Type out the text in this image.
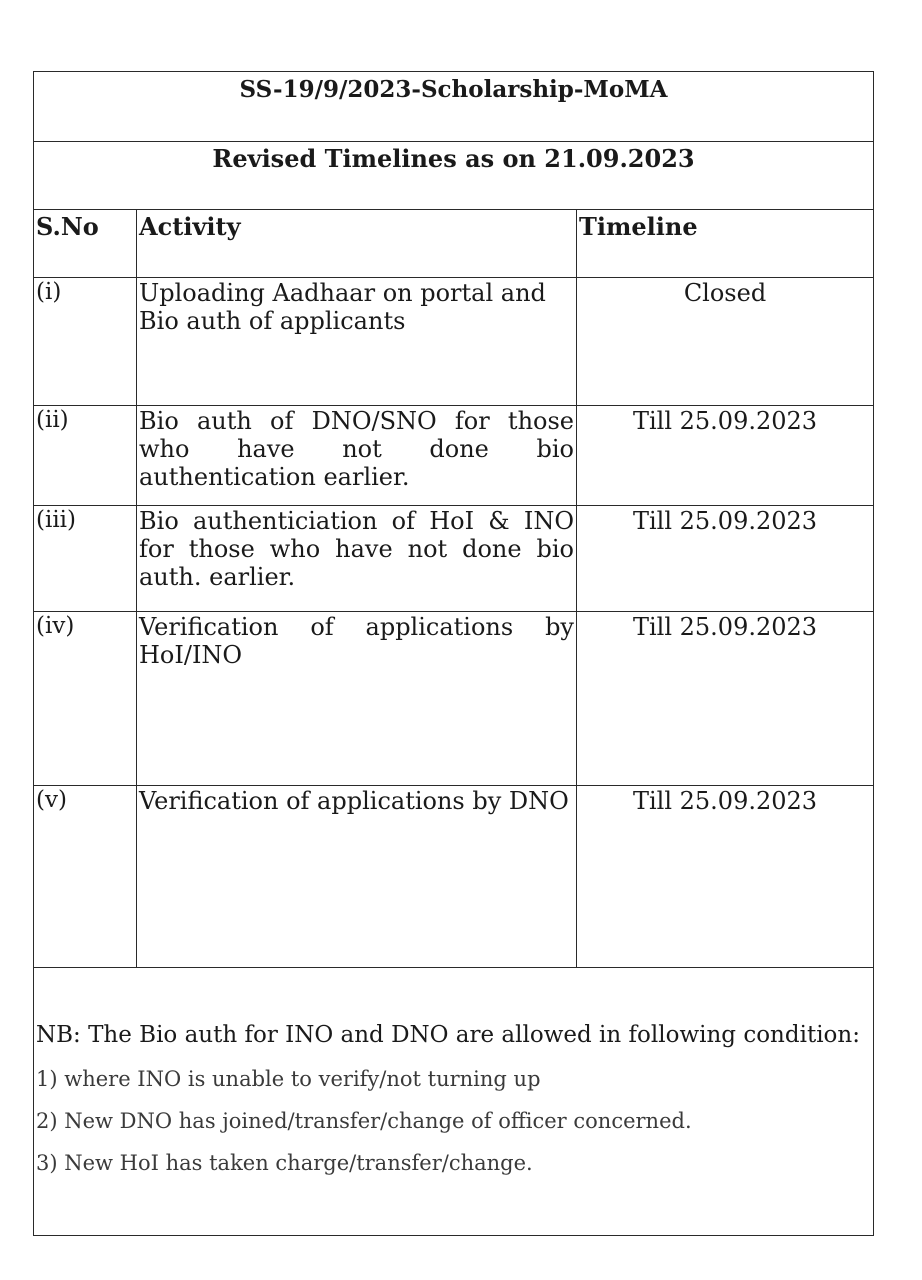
SS-19/9/2023-Scholarship-MoMA		
Revised Timelines as on 21.09.2023		
S.No	Activity	Timeline
(i)	Uploading Aadhaar on portal and Bio auth of applicants	Closed
(ii)	Bio auth of DNO/SNO for those who have not done bio authentication earlier.	Till 25.09.2023
(iii)	Bio authenticiation of HoI & INO for those who have not done bio auth. earlier.	Till 25.09.2023
(iv)	Verification of applications by HoI/INO	Till 25.09.2023
(v)	Verification of applications by DNO	Till 25.09.2023

NB: The Bio auth for INO and DNO are allowed in following condition:
1) where INO is unable to verify/not turning up
2) New DNO has joined/transfer/change of officer concerned.
3) New HoI has taken charge/transfer/change.		
